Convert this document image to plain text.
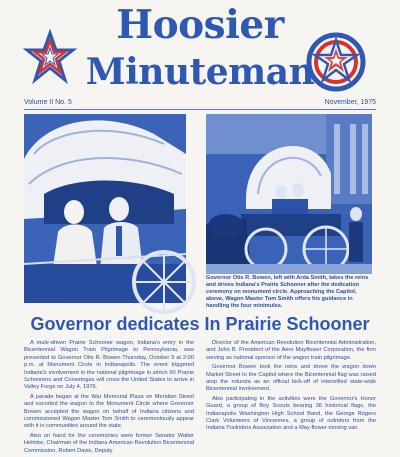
Hoosier
Minuteman
Volume II No. 5	November, 1975
Governor Otis R. Bowen, left with Arda Smith, takes the reins and drives Indiana's Prairie Schooner after the dedication ceremony on monument circle. Approaching the Capitol, above, Wagon Master Tom Smith offers his guidance in handling the four minimules.
Governor dedicates In Prairie Schooner

A mule-driven Prairie Schooner wagon, Indiana's entry in the Bicentennial Wagon Train Pilgrimage to Pennsylvania, was presented to Governor Otis R. Bowen Thursday, October 9 at 2:00 p.m. at Monument Circle in Indianapolis. The event triggered Indiana's involvement in the national pilgrimage in which 60 Prairie Schooners and Conestogas will cross the United States to arrive in Valley Forge on July 4, 1976.

A parade began at the War Memorial Plaza on Meridian Street and escorted the wagon to the Monument Circle where Governor Bowen accepted the wagon on behalf of Indiana citizens and commissioned Wagon Master Tom Smith to ceremoniously appear with it in communities around the state.

Also on hand for the ceremonies were former Senator Walter Helmke, Chairman of the Indiana American Revolution Bicentennial Commission, Robert Davis, Deputy

Director of the American Revolution Bicentennial Administration, and John B. President of the Aero Mayflower Corporation, the firm serving as national sponsor of the wagon train pilgrimage.

Governor Bowen took the reins and drove the wagon down Market Street to the Capitol where the Bicentennial flag was raised atop the rotunda as an official kick-off of intensified state-wide Bicentennial involvement.

Also participating in the activities were the Governor's Honor Guard, a group of Boy Scouts bearing 36 historical flags, the Indianapolis Washington High School Band, the George Rogers Clark Volunteers of Vincennes, a group of outriders from the Indiana Trailriders Association and a May-flower moving van.
